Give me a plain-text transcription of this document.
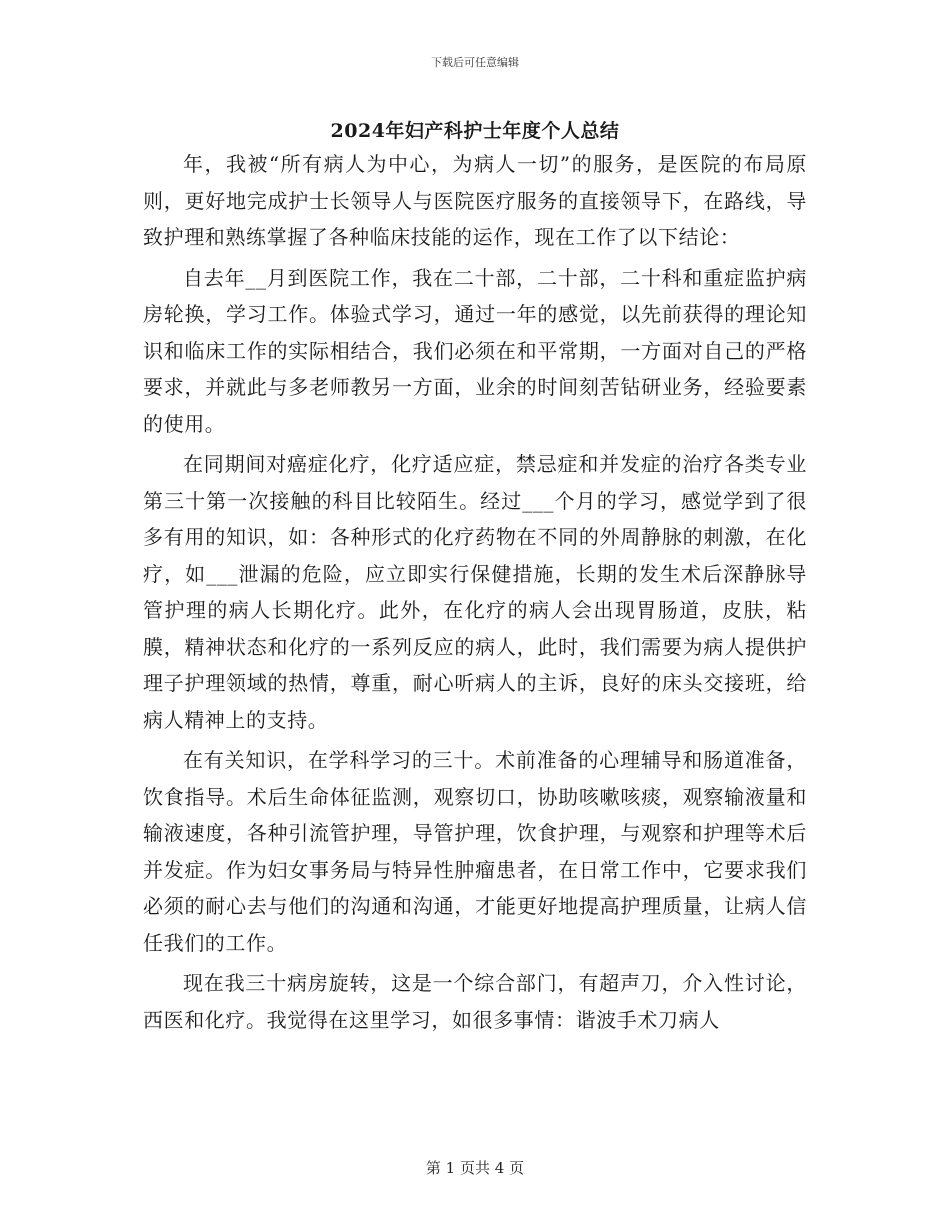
下载后可任意编辑
2024年妇产科护士年度个人总结

年，我被“所有病人为中心，为病人一切”的服务，是医院的布局原则，更好地完成护士长领导人与医院医疗服务的直接领导下，在路线，导致护理和熟练掌握了各种临床技能的运作，现在工作了以下结论：

自去年__月到医院工作，我在二十部，二十部，二十科和重症监护病房轮换，学习工作。体验式学习，通过一年的感觉，以先前获得的理论知识和临床工作的实际相结合，我们必须在和平常期，一方面对自己的严格要求，并就此与多老师教另一方面，业余的时间刻苦钻研业务，经验要素的使用。

在同期间对癌症化疗，化疗适应症，禁忌症和并发症的治疗各类专业第三十第一次接触的科目比较陌生。经过___个月的学习，感觉学到了很多有用的知识，如：各种形式的化疗药物在不同的外周静脉的刺激，在化疗，如___泄漏的危险，应立即实行保健措施，长期的发生术后深静脉导管护理的病人长期化疗。此外，在化疗的病人会出现胃肠道，皮肤，粘膜，精神状态和化疗的一系列反应的病人，此时，我们需要为病人提供护理子护理领域的热情，尊重，耐心听病人的主诉，良好的床头交接班，给病人精神上的支持。

在有关知识，在学科学习的三十。术前准备的心理辅导和肠道准备，饮食指导。术后生命体征监测，观察切口，协助咳嗽咳痰，观察输液量和输液速度，各种引流管护理，导管护理，饮食护理，与观察和护理等术后并发症。作为妇女事务局与特异性肿瘤患者，在日常工作中，它要求我们必须的耐心去与他们的沟通和沟通，才能更好地提高护理质量，让病人信任我们的工作。

现在我三十病房旋转，这是一个综合部门，有超声刀，介入性讨论，西医和化疗。我觉得在这里学习，如很多事情：谐波手术刀病人

第 1 页共 4 页
